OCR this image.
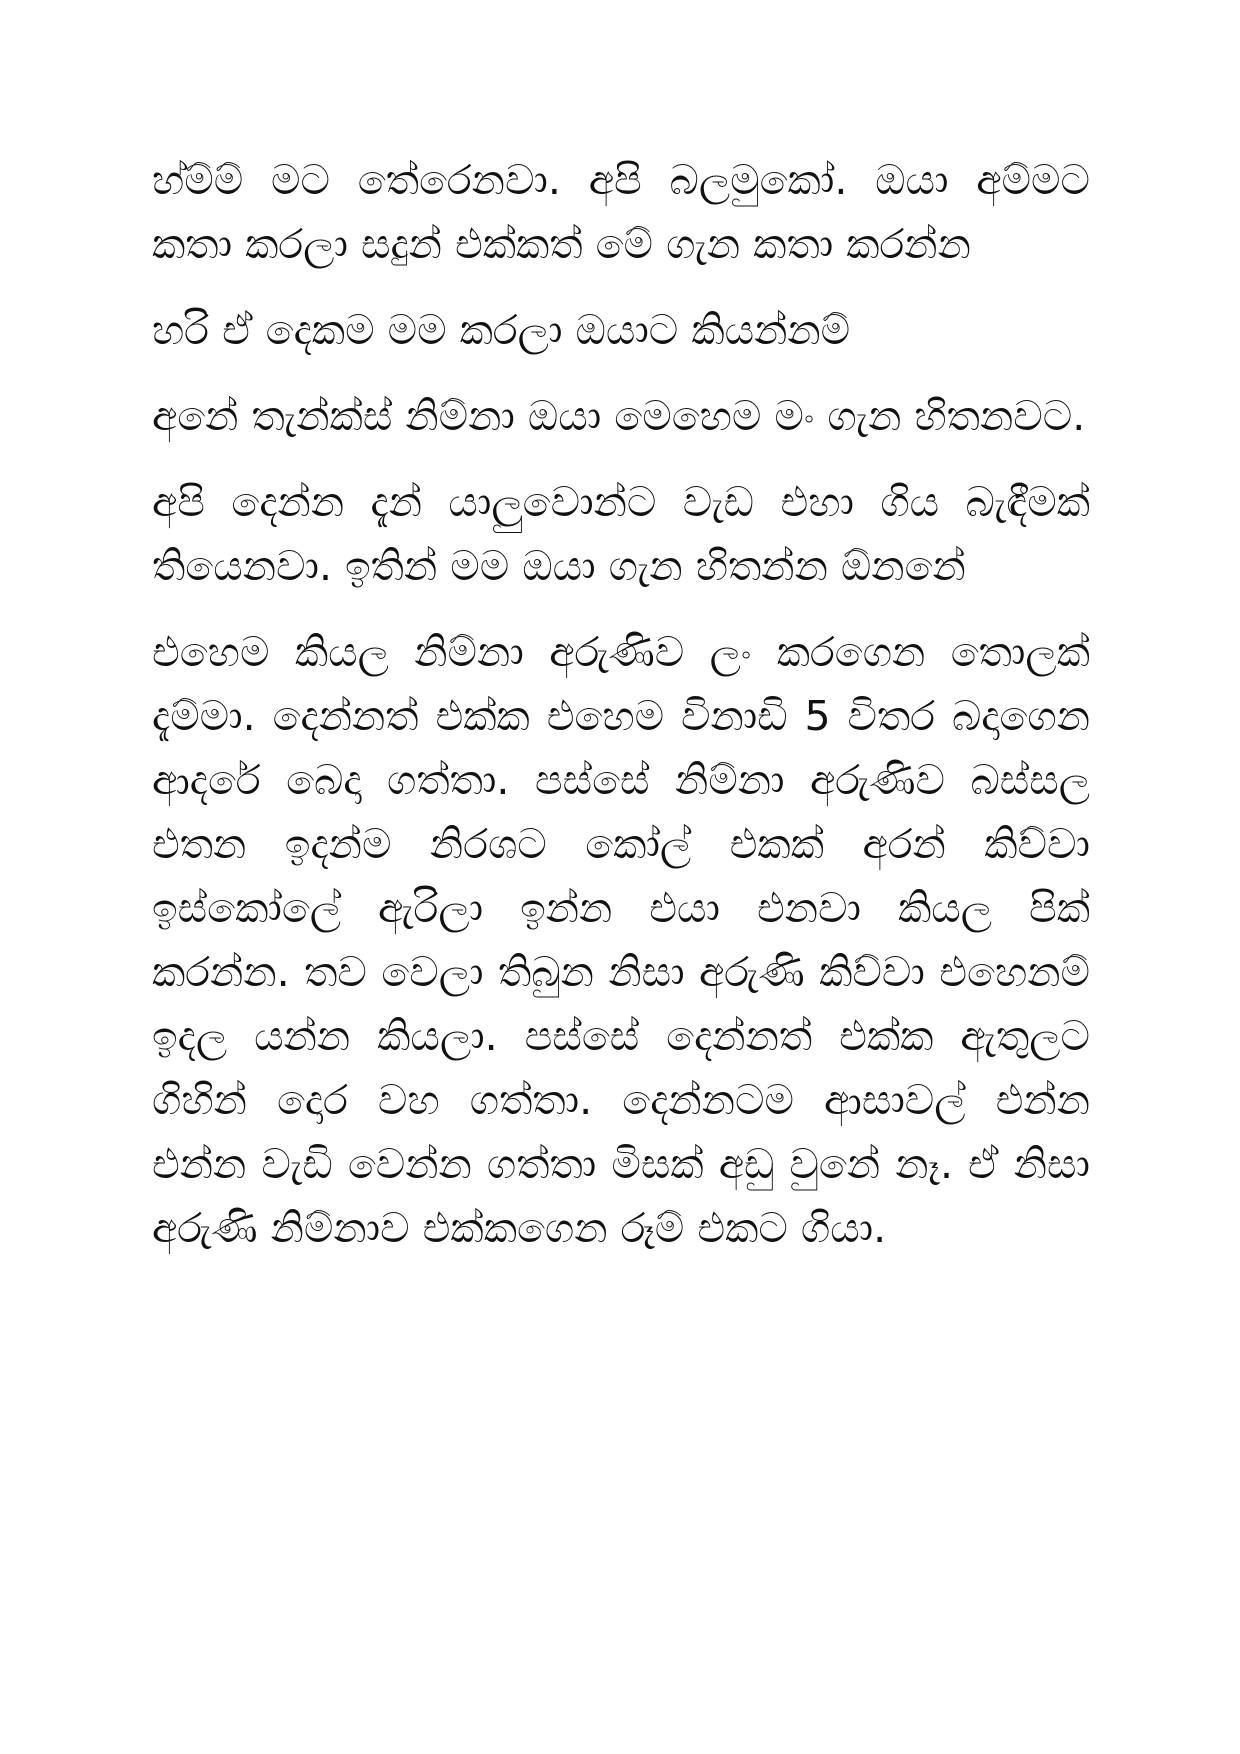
හ්ම්ම් මට තේරෙනවා. අපි බලමුකෝ. ඔයා අම්මට කතා කරලා සදුන් එක්කත් මේ ගැන කතා කරන්න

හරි ඒ දෙකම මම කරලා ඔයාට කියන්නම්

අනේ තැන්ක්ස් නිම්නා ඔයා මෙහෙම මං ගැන හිතනවට.

අපි දෙන්න දැන් යාලුවොන්ට වැඩ එහා ගිය බැඳීමක් තියෙනවා. ඉතින් මම ඔයා ගැන හිතන්න ඕනනේ

එහෙම කියල නිම්නා අරුණිව ලං කරගෙන තොලක් දැම්මා. දෙන්නත් එක්ක එහෙම විනාඩි 5 විතර බදාගෙන ආදරේ බෙදා ගත්තා. පස්සේ නිම්නා අරුණිව බස්සල එතන ඉදන්ම නිරශට කෝල් එකක් අරන් කිව්වා ඉස්කෝලේ ඇරිලා ඉන්න එයා එනවා කියල පික් කරන්න. තව වෙලා තිබුන නිසා අරුණි කිව්වා එහෙනම් ඉදල යන්න කියලා. පස්සේ දෙන්නත් එක්ක ඇතුලට ගිහින් දොර වහ ගත්තා. දෙන්නටම ආසාවල් එන්න එන්න වැඩි වෙන්න ගත්තා මිසක් අඩු වුනේ නෑ. ඒ නිසා අරුණි නිම්නාව එක්කගෙන රූම් එකට ගියා.
